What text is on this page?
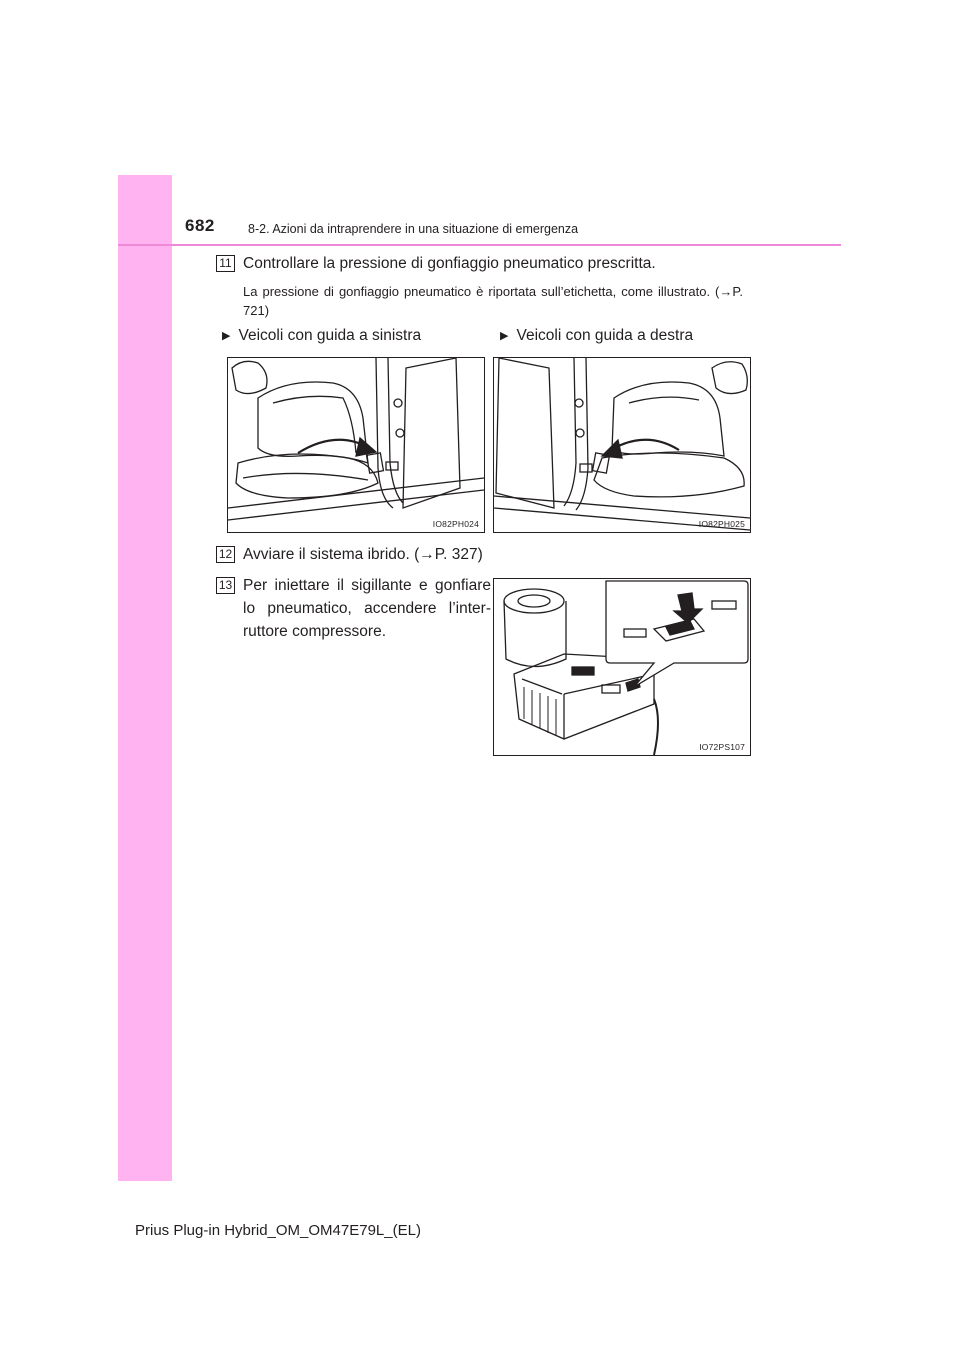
682	8-2. Azioni da intraprendere in una situazione di emergenza
11 Controllare la pressione di gonfiaggio pneumatico prescritta.
La pressione di gonfiaggio pneumatico è riportata sull’etichetta, come illustrato. (→P. 721)
▶ Veicoli con guida a sinistra	▶ Veicoli con guida a destra
IO82PH024	IO82PH025
12 Avviare il sistema ibrido. (→P. 327)
13 Per iniettare il sigillante e gonfiare lo pneumatico, accendere l’inter-ruttore compressore.
IO72PS107
Prius Plug-in Hybrid_OM_OM47E79L_(EL)
